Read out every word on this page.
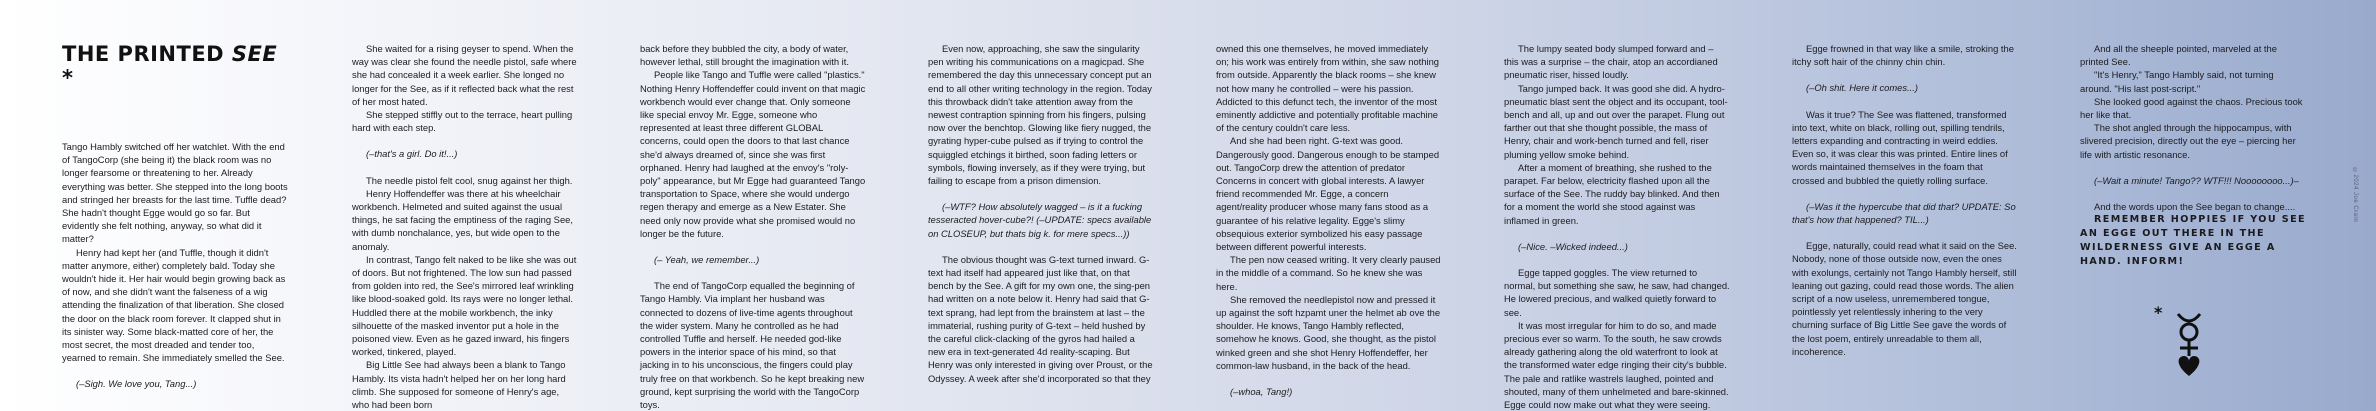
THE PRINTED SEE *

Tango Hambly switched off her watchlet. With the end of TangoCorp (she being it) the black room was no longer fearsome or threatening to her. Already everything was better. She stepped into the long boots and stringed her breasts for the last time. Tuffle dead? She hadn't thought Egge would go so far. But evidently she felt nothing, anyway, so what did it matter?

Henry had kept her (and Tuffle, though it didn't matter anymore, either) completely bald. Today she wouldn't hide it. Her hair would begin growing back as of now, and she didn't want the falseness of a wig attending the finalization of that liberation. She closed the door on the black room forever. It clapped shut in its sinister way. Some black-matted core of her, the most secret, the most dreaded and tender too, yearned to remain. She immediately smelled the See.

(–Sigh. We love you, Tang...)

She waited for a rising geyser to spend. When the way was clear she found the needle pistol, safe where she had concealed it a week earlier. She longed no longer for the See, as if it reflected back what the rest of her most hated.

She stepped stiffly out to the terrace, heart pulling hard with each step.

(–that's a girl. Do it!...)

The needle pistol felt cool, snug against her thigh.

Henry Hoffendeffer was there at his wheelchair workbench. Helmeted and suited against the usual things, he sat facing the emptiness of the raging See, with dumb nonchalance, yes, but wide open to the anomaly.

In contrast, Tango felt naked to be like she was out of doors. But not frightened. The low sun had passed from golden into red, the See's mirrored leaf wrinkling like blood-soaked gold. Its rays were no longer lethal. Huddled there at the mobile workbench, the inky silhouette of the masked inventor put a hole in the poisoned view. Even as he gazed inward, his fingers worked, tinkered, played.

Big Little See had always been a blank to Tango Hambly. Its vista hadn't helped her on her long hard climb. She supposed for someone of Henry's age, who had been born

back before they bubbled the city, a body of water, however lethal, still brought the imagination with it.

People like Tango and Tuffle were called "plastics." Nothing Henry Hoffendeffer could invent on that magic workbench would ever change that. Only someone like special envoy Mr. Egge, someone who represented at least three different GLOBAL concerns, could open the doors to that last chance she'd always dreamed of, since she was first orphaned. Henry had laughed at the envoy's "roly-poly" appearance, but Mr Egge had guaranteed Tango transportation to Space, where she would undergo regen therapy and emerge as a New Estater. She need only now provide what she promised would no longer be the future.

(– Yeah, we remember...)

The end of TangoCorp equalled the beginning of Tango Hambly. Via implant her husband was connected to dozens of live-time agents throughout the wider system. Many he controlled as he had controlled Tuffle and herself. He needed god-like powers in the interior space of his mind, so that jacking in to his unconscious, the fingers could play truly free on that workbench. So he kept breaking new ground, kept surprising the world with the TangoCorp toys.

Even now, approaching, she saw the singularity pen writing his communications on a magicpad. She remembered the day this unnecessary concept put an end to all other writing technology in the region. Today this throwback didn't take attention away from the newest contraption spinning from his fingers, pulsing now over the benchtop. Glowing like fiery nugged, the gyrating hyper-cube pulsed as if trying to control the squiggled etchings it birthed, soon fading letters or symbols, flowing inversely, as if they were trying, but failing to escape from a prison dimension.

(–WTF? How absolutely wagged – is it a fucking tesseracted hover-cube?! (–UPDATE: specs available on CLOSEUP, but thats big k. for mere specs...))

The obvious thought was G-text turned inward. G-text had itself had appeared just like that, on that bench by the See. A gift for my own one, the sing-pen had written on a note below it. Henry had said that G-text sprang, had lept from the brainstem at last – the immaterial, rushing purity of G-text – held hushed by the careful click-clacking of the gyros had hailed a new era in text-generated 4d reality-scaping. But Henry was only interested in giving over Proust, or the Odyssey. A week after she'd incorporated so that they

owned this one themselves, he moved immediately on; his work was entirely from within, she saw nothing from outside. Apparently the black rooms – she knew not how many he controlled – were his passion. Addicted to this defunct tech, the inventor of the most eminently addictive and potentially profitable machine of the century couldn't care less.

And she had been right. G-text was good. Dangerously good. Dangerous enough to be stamped out. TangoCorp drew the attention of predator Concerns in concert with global interests. A lawyer friend recommended Mr. Egge, a concern agent/reality producer whose many fans stood as a guarantee of his relative legality. Egge's slimy obsequious exterior symbolized his easy passage between different powerful interests.

The pen now ceased writing. It very clearly paused in the middle of a command. So he knew she was here.

She removed the needlepistol now and pressed it up against the soft hzpamt uner the helmet ab ove the shoulder. He knows, Tango Hambly reflected, somehow he knows. Good, she thought, as the pistol winked green and she shot Henry Hoffendeffer, her common-law husband, in the back of the head.

(–whoa, Tang!)

The lumpy seated body slumped forward and – this was a surprise – the chair, atop an accordianed pneumatic riser, hissed loudly.

Tango jumped back. It was good she did. A hydro-pneumatic blast sent the object and its occupant, tool-bench and all, up and out over the parapet. Flung out farther out that she thought possible, the mass of Henry, chair and work-bench turned and fell, riser pluming yellow smoke behind.

After a moment of breathing, she rushed to the parapet. Far below, electricity flashed upon all the surface of the See. The ruddy bay blinked. And then for a moment the world she stood against was inflamed in green.

(–Nice. –Wicked indeed...)

Egge tapped goggles. The view returned to normal, but something she saw, he saw, had changed. He lowered precious, and walked quietly forward to see.

It was most irregular for him to do so, and made precious ever so warm. To the south, he saw crowds already gathering along the old waterfront to look at the transformed water edge ringing their city's bubble. The pale and ratlike wastrels laughed, pointed and shouted, many of them unhelmeted and bare-skinned. Egge could now make out what they were seeing.

Egge frowned in that way like a smile, stroking the itchy soft hair of the chinny chin chin.

(–Oh shit. Here it comes...)

Was it true? The See was flattened, transformed into text, white on black, rolling out, spilling tendrils, letters expanding and contracting in weird eddies. Even so, it was clear this was printed. Entire lines of words maintained themselves in the foam that crossed and bubbled the quietly rolling surface.

(–Was it the hypercube that did that? UPDATE: So that's how that happened? TIL...)

Egge, naturally, could read what it said on the See. Nobody, none of those outside now, even the ones with exolungs, certainly not Tango Hambly herself, still leaning out gazing, could read those words. The alien script of a now useless, unremembered tongue, pointlessly yet relentlessly inhering to the very churning surface of Big Little See gave the words of the lost poem, entirely unreadable to them all, incoherence.

And all the sheeple pointed, marveled at the printed See.

"It's Henry," Tango Hambly said, not turning around. "His last post-script."

She looked good against the chaos. Precious took her like that.

The shot angled through the hippocampus, with slivered precision, directly out the eye – piercing her life with artistic resonance.

(–Wait a minute! Tango?? WTF!!! Noooooooo...)–

And the words upon the See began to change....

REMEMBER HOPPIES IF YOU SEE AN EGGE OUT THERE IN THE WILDERNESS GIVE AN EGGE A HAND. INFORM!

*
©2024 Joe Crain
